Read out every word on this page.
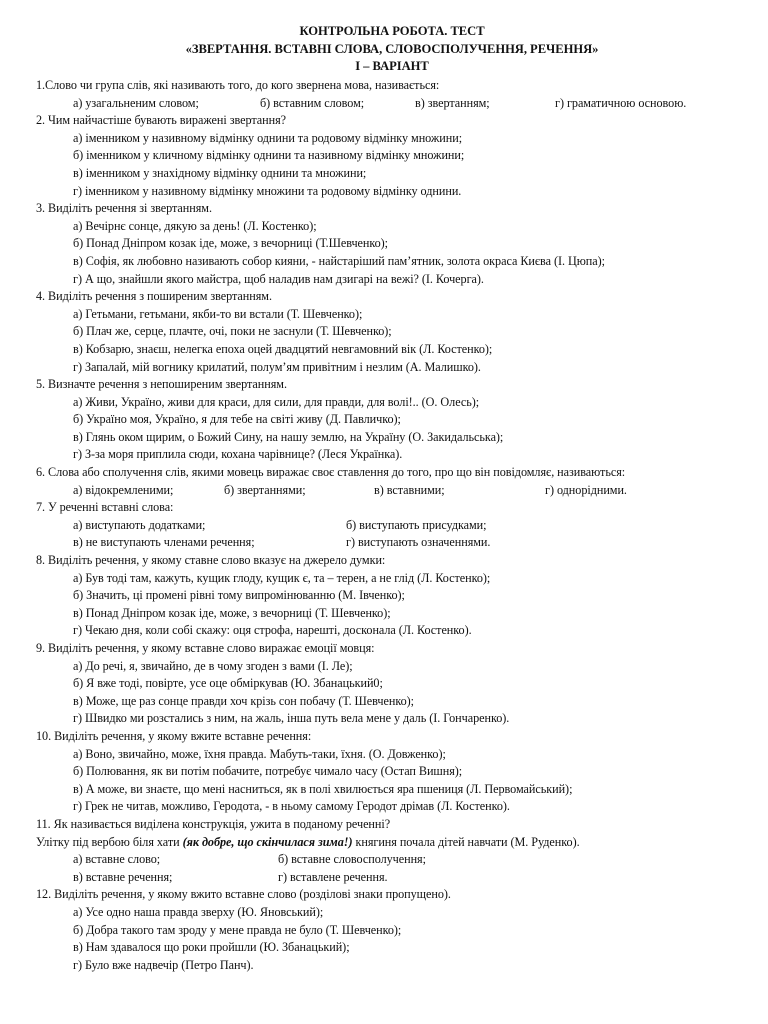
КОНТРОЛЬНА РОБОТА. ТЕСТ
«ЗВЕРТАННЯ. ВСТАВНІ СЛОВА, СЛОВОСПОЛУЧЕННЯ, РЕЧЕННЯ»
І – ВАРІАНТ
1.Слово чи група слів, які називають того, до кого звернена мова, називається:
а) узагальненим словом;	б) вставним словом;	в) звертанням;	г) граматичною основою.
2. Чим найчастіше бувають виражені звертання?
а) іменником у називному відмінку однини та родовому відмінку множини;
б) іменником у кличному відмінку однини та називному відмінку множини;
в) іменником у знахідному відмінку однини та множини;
г) іменником у називному відмінку множини та родовому відмінку однини.
3. Виділіть речення зі звертанням.
а) Вечірнє сонце, дякую за день! (Л. Костенко);
б) Понад Дніпром козак іде, може, з вечорниці (Т.Шевченко);
в) Софія, як любовно називають собор кияни, - найстаріший пам’ятник, золота окраса Києва (І. Цюпа);
г) А що, знайшли якого майстра, щоб наладив нам дзигарі на вежі? (І. Кочерга).
4. Виділіть речення з поширеним звертанням.
а) Гетьмани, гетьмани, якби-то ви встали (Т. Шевченко);
б) Плач же, серце, плачте, очі, поки не заснули (Т. Шевченко);
в) Кобзарю, знаєш, нелегка епоха оцей двадцятий невгамовний вік (Л. Костенко);
г) Запалай, мій вогнику крилатий, полум’ям привітним і незлим (А. Малишко).
5. Визначте речення з непоширеним звертанням.
а) Живи, Україно, живи для краси, для сили, для правди, для волі!.. (О. Олесь);
б) Україно моя, Україно, я для тебе на світі живу (Д. Павличко);
в) Глянь оком щирим, о Божий Сину, на нашу землю, на Україну (О. Закидальська);
г) З-за моря приплила сюди, кохана чарівнице? (Леся Українка).
6. Слова або сполучення слів, якими мовець виражає своє ставлення до того, про що він повідомляє, називаються:
а) відокремленими;	б) звертаннями;	в) вставними;	г) однорідними.
7. У реченні вставні слова:
а) виступають додатками;	б) виступають присудками;
в) не виступають членами речення;	г) виступають означеннями.
8. Виділіть речення, у якому ставне слово вказує на джерело думки:
а) Був тоді там, кажуть, кущик глоду, кущик є, та – терен, а не глід (Л. Костенко);
б) Значить, ці промені рівні тому випромінюванню (М. Івченко);
в) Понад Дніпром козак іде, може, з вечорниці (Т. Шевченко);
г) Чекаю дня, коли собі скажу: оця строфа, нарешті, досконала (Л. Костенко).
9. Виділіть речення, у якому вставне слово виражає емоції мовця:
а) До речі, я, звичайно, де в чому згоден з вами (І. Ле);
б) Я вже тоді, повірте, усе оце обміркував (Ю. Збанацький0;
в) Може, ще раз сонце правди хоч крізь сон побачу (Т. Шевченко);
г) Швидко ми розстались з ним, на жаль, інша путь вела мене у даль (І. Гончаренко).
10. Виділіть речення, у якому вжите вставне речення:
а) Воно, звичайно, може, їхня правда. Мабуть-таки, їхня. (О. Довженко);
б) Полювання, як ви потім побачите, потребує чимало часу (Остап Вишня);
в) А може, ви знаєте, що мені насниться, як в полі хвилюється яра пшениця (Л. Первомайський);
г) Грек не читав, можливо, Геродота, - в ньому самому Геродот дрімав (Л. Костенко).
11. Як називається виділена конструкція, ужита в поданому реченні?
Улітку під вербою біля хати (як добре, що скінчилася зима!) княгиня почала дітей навчати (М. Руденко).
а) вставне слово;	б) вставне словосполучення;
в) вставне речення;	г) вставлене речення.
12. Виділіть речення, у якому вжито вставне слово (розділові знаки пропущено).
а) Усе одно наша правда зверху (Ю. Яновський);
б) Добра такого там зроду у мене правда не було (Т. Шевченко);
в) Нам здавалося що роки пройшли (Ю. Збанацький);
г) Було вже надвечір (Петро Панч).
